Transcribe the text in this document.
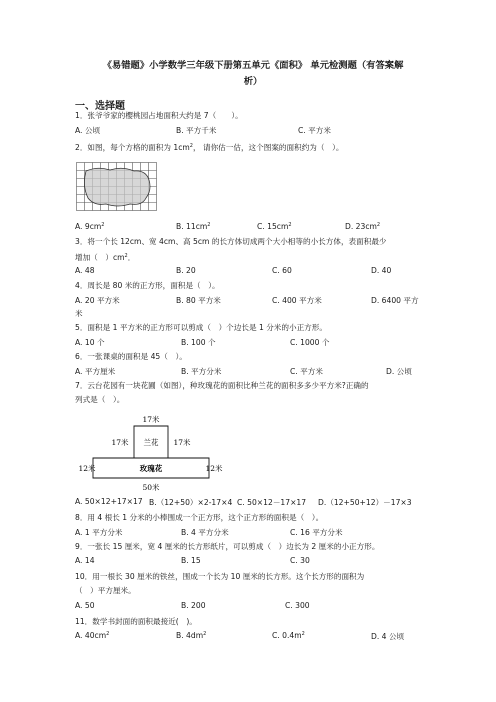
《易错题》小学数学三年级下册第五单元《面积》 单元检测题（有答案解
析）
一、选择题
1．张爷爷家的樱桃园占地面积大约是 7（　　）。
A. 公顷	B. 平方千米	C. 平方米
2．如图，每个方格的面积为 $1cm^2$， 请你估一估，这个图案的面积约为（　）。
A. $9cm^2$	B. $11cm^2$	C. $15cm^2$	D. $23cm^2$
3．将一个长 12cm、宽 4cm、高 5cm 的长方体切成两个大小相等的小长方体，表面积最少
增加（　）$cm^2$．
A. 48	B. 20	C. 60	D. 40
4．周长是 80 米的正方形，面积是（　）。
A. 20 平方米	B. 80 平方米	C. 400 平方米	D. 6400 平方
米
5．面积是 1 平方米的正方形可以剪成（　）个边长是 1 分米的小正方形。
A. 10 个	B. 100 个	C. 1000 个
6．一张课桌的面积是 45（　）。
A. 平方厘米	B. 平方分米	C. 平方米	D. 公顷
7．云台花园有一块花圃（如图），种玫瑰花的面积比种兰花的面积多多少平方米?正确的
列式是（　）。
17米
17米 兰花 17米
12米	玫瑰花	12米
50米
A. 50×12+17×17 B.（12+50）×2-17×4 C. 50×12－17×17 D.（12+50+12）－17×3
8．用 4 根长 1 分米的小棒围成一个正方形，这个正方形的面积是（　）。
A. 1 平方分米	B. 4 平方分米	C. 16 平方分米
9．一张长 15 厘米，宽 4 厘米的长方形纸片，可以剪成（　）边长为 2 厘米的小正方形。
A. 14	B. 15	C. 30
10．用一根长 30 厘米的铁丝，围成一个长为 10 厘米的长方形。这个长方形的面积为
（　）平方厘米。
A. 50	B. 200	C. 300
11．数学书封面的面积最接近(　)。
A. $40cm^2$	B. $4dm^2$	C. $0.4m^2$	D. 4 公顷
